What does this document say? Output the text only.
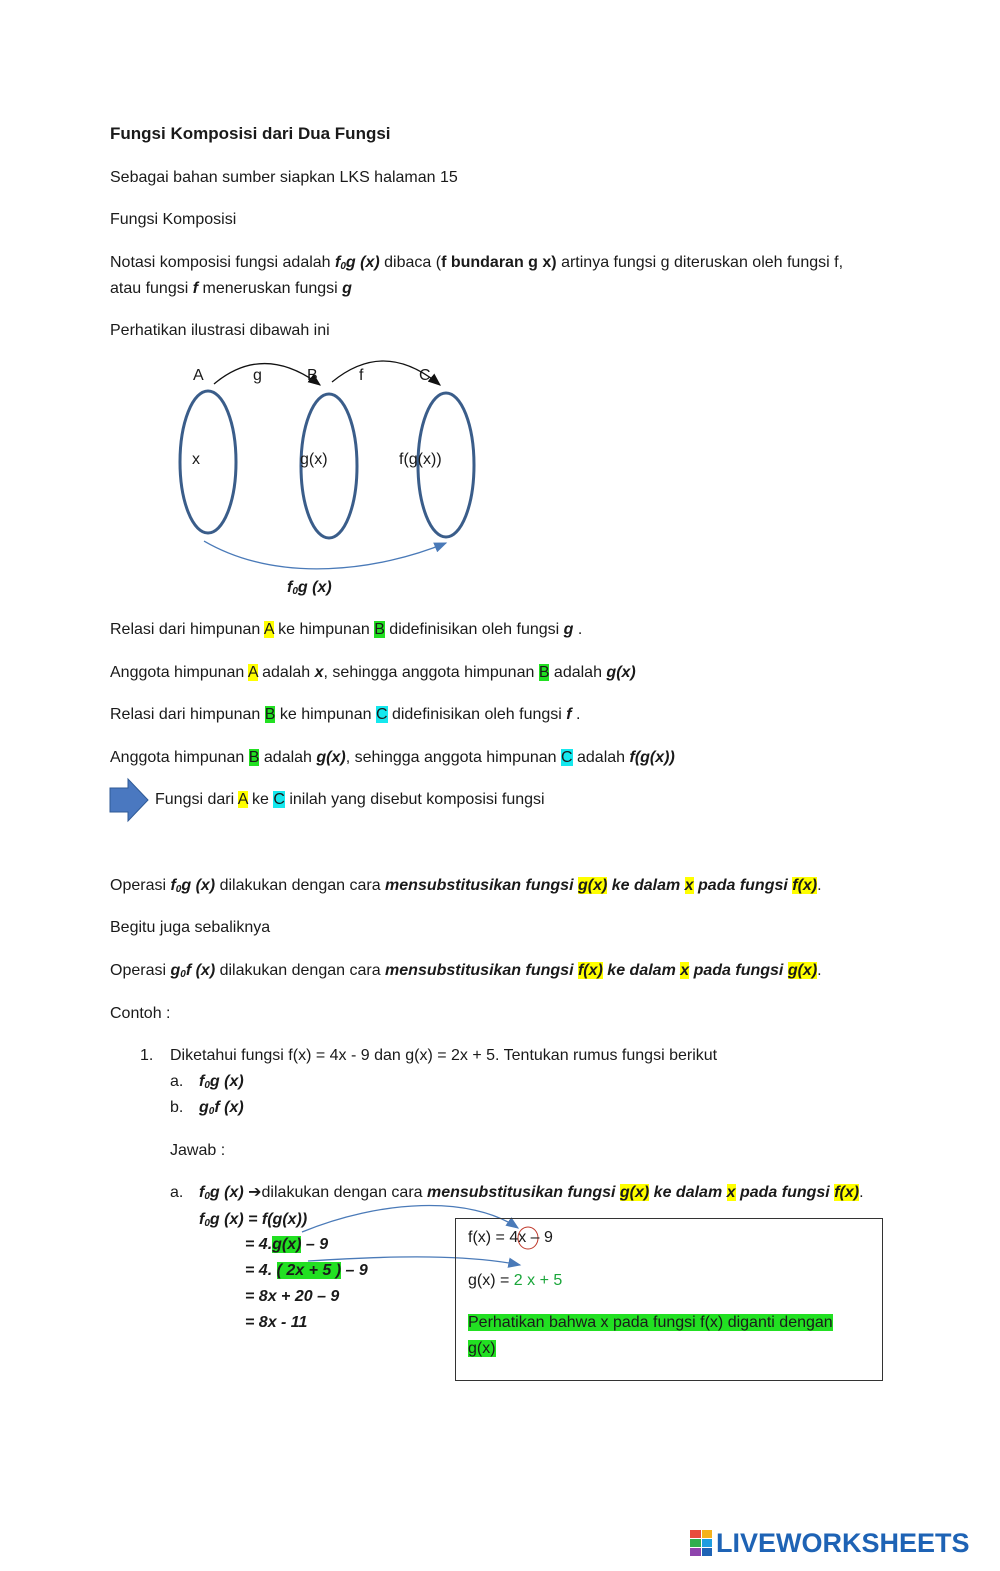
Fungsi Komposisi dari Dua Fungsi
Sebagai bahan sumber siapkan LKS halaman 15
Fungsi Komposisi
Notasi komposisi fungsi adalah $f_0g$ (x) dibaca (f bundaran g x) artinya fungsi g diteruskan oleh fungsi f,
atau fungsi f meneruskan fungsi g
Perhatikan ilustrasi dibawah ini
A	g	B	f	C
x	g(x)	f(g(x))
$f_0g$ (x)
Relasi dari himpunan A ke himpunan B didefinisikan oleh fungsi g .
Anggota himpunan A adalah x, sehingga anggota himpunan B adalah g(x)
Relasi dari himpunan B ke himpunan C didefinisikan oleh fungsi f .
Anggota himpunan B adalah g(x), sehingga anggota himpunan C adalah f(g(x))
Fungsi dari A ke C inilah yang disebut komposisi fungsi
Operasi $f_0g$ (x) dilakukan dengan cara mensubstitusikan fungsi g(x) ke dalam x pada fungsi f(x).
Begitu juga sebaliknya
Operasi $g_0f$ (x) dilakukan dengan cara mensubstitusikan fungsi f(x) ke dalam x pada fungsi g(x).
Contoh :
1. Diketahui fungsi f(x) = 4x - 9 dan g(x) = 2x + 5. Tentukan rumus fungsi berikut
a. $f_0g$ (x)
b. $g_0f$ (x)
Jawab :
a. $f_0g$ (x) ➔dilakukan dengan cara mensubstitusikan fungsi g(x) ke dalam x pada fungsi f(x).
$f_0g$ (x) = f(g(x))
= 4.g(x) – 9
= 4. ( 2x + 5 ) – 9
= 8x + 20 – 9
= 8x - 11
f(x) = 4x – 9
g(x) = 2 x + 5
Perhatikan bahwa x pada fungsi f(x) diganti dengan
g(x)
LIVEWORKSHEETS
